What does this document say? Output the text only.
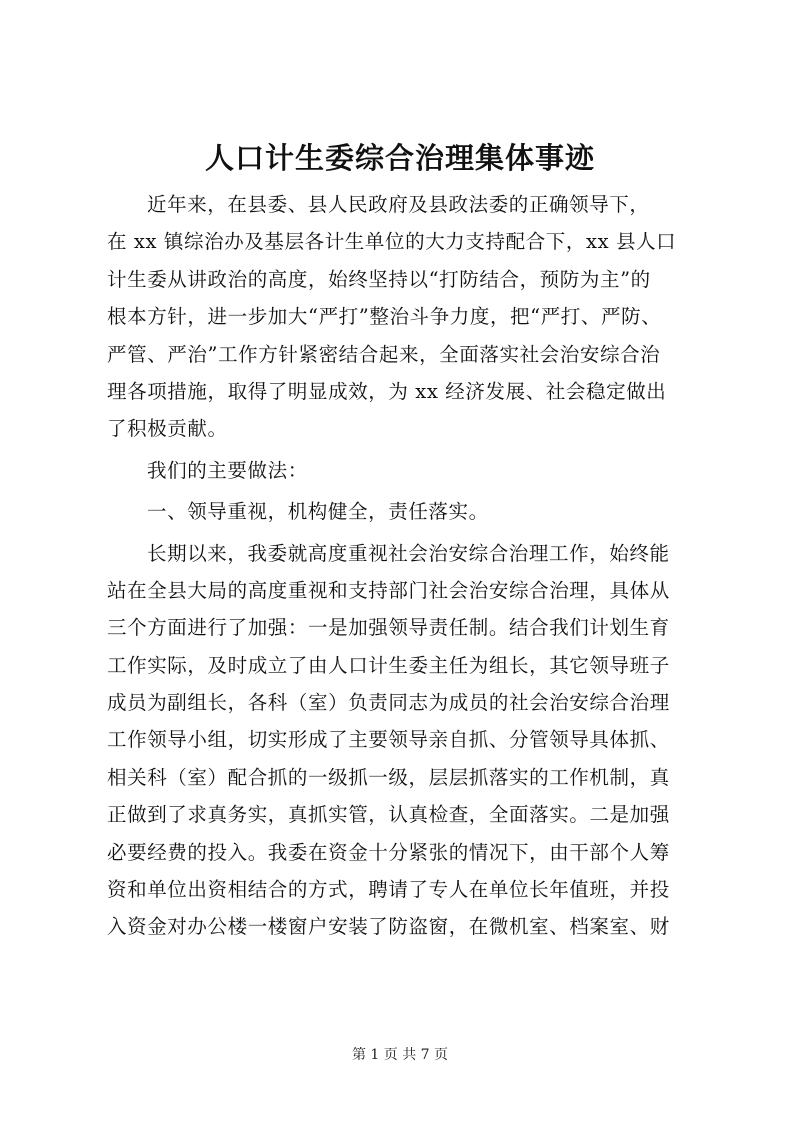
人口计生委综合治理集体事迹
近年来，在县委、县人民政府及县政法委的正确领导下，
在 xx 镇综治办及基层各计生单位的大力支持配合下，xx 县人口
计生委从讲政治的高度，始终坚持以“打防结合，预防为主”的
根本方针，进一步加大“严打”整治斗争力度，把“严打、严防、
严管、严治”工作方针紧密结合起来，全面落实社会治安综合治
理各项措施，取得了明显成效，为 xx 经济发展、社会稳定做出
了积极贡献。
我们的主要做法：
一、领导重视，机构健全，责任落实。
长期以来，我委就高度重视社会治安综合治理工作，始终能
站在全县大局的高度重视和支持部门社会治安综合治理，具体从
三个方面进行了加强：一是加强领导责任制。结合我们计划生育
工作实际，及时成立了由人口计生委主任为组长，其它领导班子
成员为副组长，各科（室）负责同志为成员的社会治安综合治理
工作领导小组，切实形成了主要领导亲自抓、分管领导具体抓、
相关科（室）配合抓的一级抓一级，层层抓落实的工作机制，真
正做到了求真务实，真抓实管，认真检查，全面落实。二是加强
必要经费的投入。我委在资金十分紧张的情况下，由干部个人筹
资和单位出资相结合的方式，聘请了专人在单位长年值班，并投
入资金对办公楼一楼窗户安装了防盗窗，在微机室、档案室、财
第 1 页 共 7 页
